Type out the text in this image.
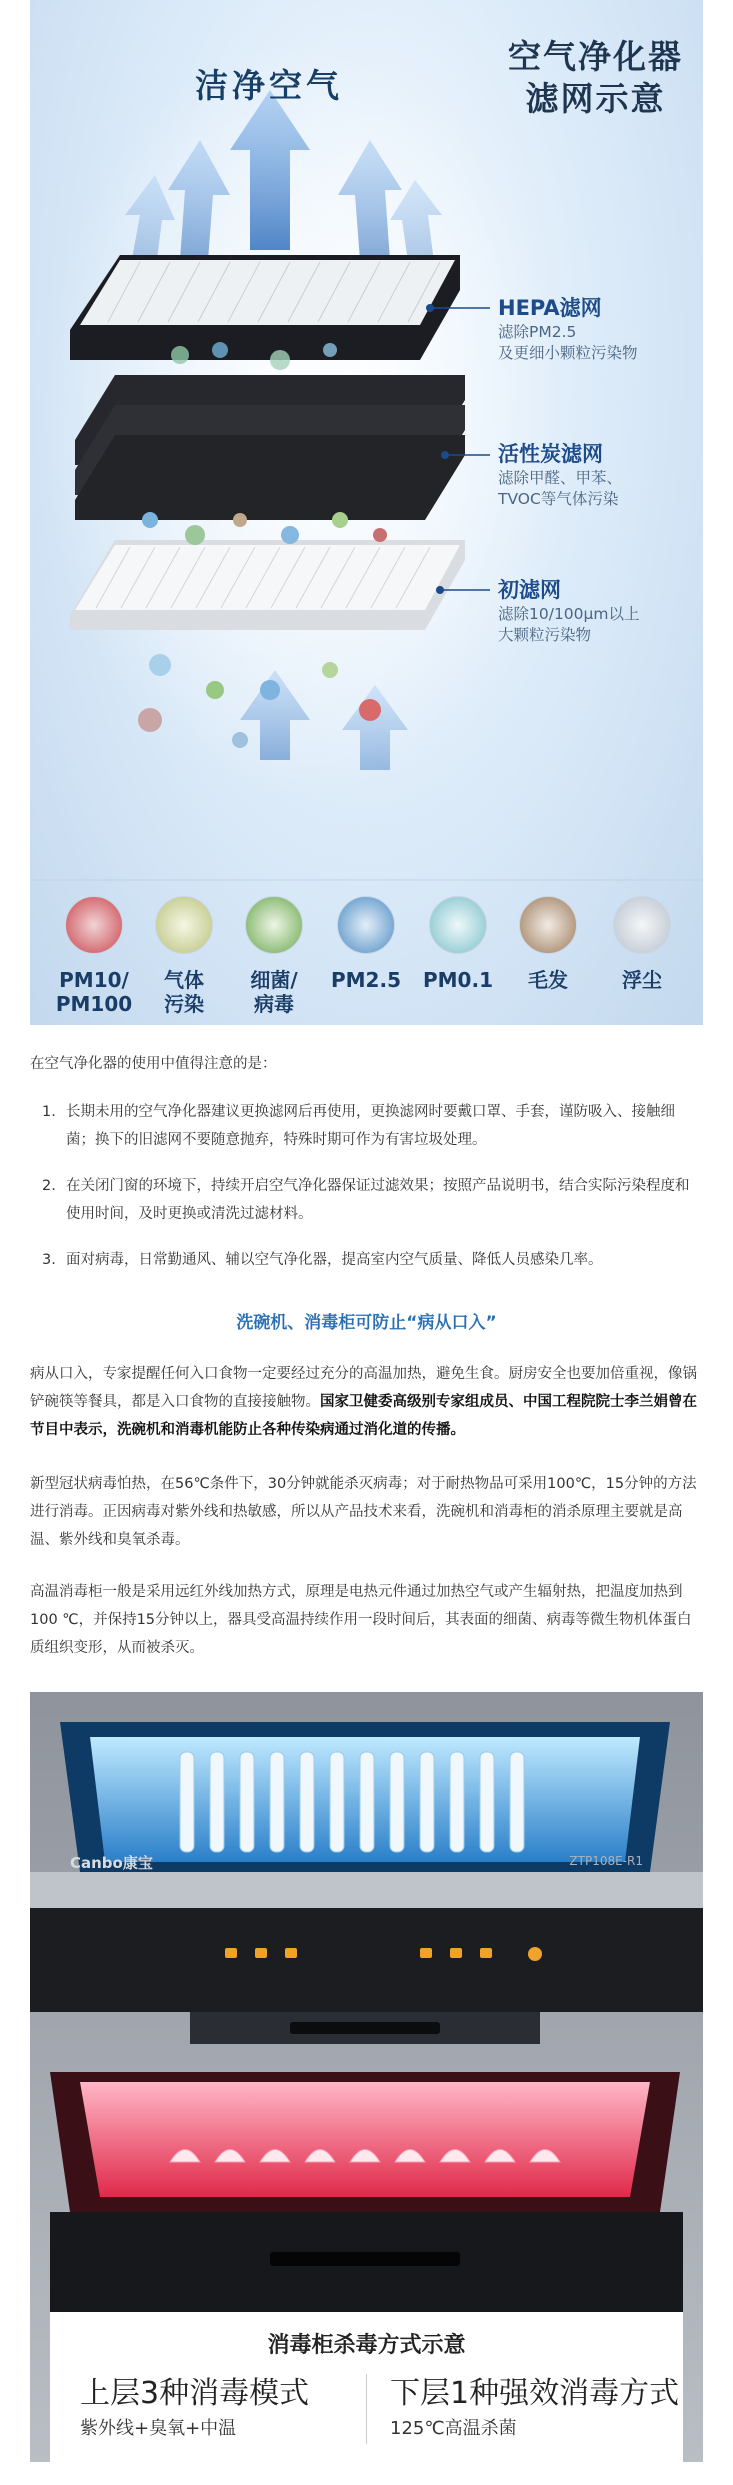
空气净化器
滤网示意
洁净空气
HEPA滤网
滤除PM2.5
及更细小颗粒污染物
活性炭滤网
滤除甲醛、甲苯、
TVOC等气体污染
初滤网
滤除10/100μm以上
大颗粒污染物
PM10/
PM100
气体
污染
细菌/
病毒
PM2.5	PM0.1	毛发	浮尘
在空气净化器的使用中值得注意的是：
1. 长期未用的空气净化器建议更换滤网后再使用，更换滤网时要戴口罩、手套，谨防吸入、接触细菌；换下的旧滤网不要随意抛弃，特殊时期可作为有害垃圾处理。
2. 在关闭门窗的环境下，持续开启空气净化器保证过滤效果；按照产品说明书，结合实际污染程度和使用时间，及时更换或清洗过滤材料。
3. 面对病毒，日常勤通风、辅以空气净化器，提高室内空气质量、降低人员感染几率。
洗碗机、消毒柜可防止“病从口入”
病从口入，专家提醒任何入口食物一定要经过充分的高温加热，避免生食。厨房安全也要加倍重视，像锅铲碗筷等餐具，都是入口食物的直接接触物。国家卫健委高级别专家组成员、中国工程院院士李兰娟曾在节目中表示，洗碗机和消毒机能防止各种传染病通过消化道的传播。
新型冠状病毒怕热，在56℃条件下，30分钟就能杀灭病毒；对于耐热物品可采用100℃，15分钟的方法进行消毒。正因病毒对紫外线和热敏感，所以从产品技术来看，洗碗机和消毒柜的消杀原理主要就是高温、紫外线和臭氧杀毒。
高温消毒柜一般是采用远红外线加热方式，原理是电热元件通过加热空气或产生辐射热，把温度加热到100 ℃，并保持15分钟以上，器具受高温持续作用一段时间后，其表面的细菌、病毒等微生物机体蛋白质组织变形，从而被杀灭。
Canbo康宝	ZTP108E-R1
消毒柜杀毒方式示意
上层3种消毒模式
紫外线+臭氧+中温
下层1种强效消毒方式
125℃高温杀菌
